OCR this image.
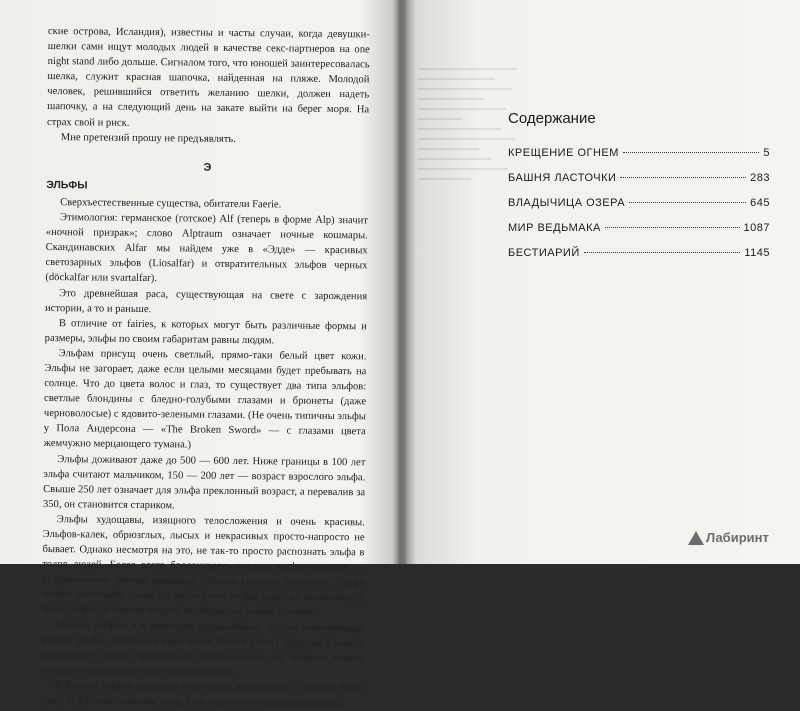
ские острова, Исландия), известны и часты случаи, когда девушки-шелки сами ищут молодых людей в качестве секс-партнеров на one night stand либо дольше. Сигналом того, что юношей заинтересовалась шелка, служит красная шапочка, найденная на пляже. Молодой человек, решившийся ответить желанию шелки, должен надеть шапочку, а на следующий день на закате выйти на берег моря. На страх свой и риск.

Мне претензий прошу не предъявлять.

Э
ЭЛЬФЫ

Сверхъестественные существа, обитатели Faerie.

Этимология: германское (готское) Alf (теперь в форме Alp) значит «ночной призрак»; слово Alptraum означает ночные кошмары. Скандинавских Alfar мы найдем уже в «Эдде» — красивых светозарных эльфов (Liosalfar) и отвратительных эльфов черных (döckalfar или svartalfar).

Это древнейшая раса, существующая на свете с зарождения истории, а то и раньше.

В отличие от fairies, к которых могут быть различные формы и размеры, эльфы по своим габаритам равны людям.

Эльфам присущ очень светлый, прямо-таки белый цвет кожи. Эльфы не загорает, даже если целыми месяцами будет пребывать на солнце. Что до цвета волос и глаз, то существует два типа эльфов: светлые блондины с бледно-голубыми глазами и брюнеты (даже черноволосые) с ядовито-зелеными глазами. (Не очень типичны эльфы у Пола Андерсона — «The Broken Sword» — с глазами цвета жемчужно мерцающего тумана.)

Эльфы доживают даже до 500 — 600 лет. Ниже границы в 100 лет эльфа считают мальчиком, 150 — 200 лет — возраст взрослого эльфа. Свыше 250 лет означает для эльфа преклонный возраст, а перевалив за 350, он становится стариком.

Эльфы худощавы, изящного телосложения и очень красивы. Эльфов-калек, обрюзглых, лысых и некрасивых просто-напросто не бывает. Однако несмотря на это, не так-то просто распознать эльфа в толпе людей. Более всего бросающееся в глаза эльфье отличие — остроконечные ушные раковины, обычно скрытые волосами. Эльфа можно распознать также по зубам (хоть эльфы редко их показывают). Ведь эльфы, не будучи плодом эволюции, не имеют клыков.

Милые, добрые и в принципе дружелюбные, охотно оказывающие услуги эльфы, собраны в круг Seelie (Seelie Court). Круг же Unseelie объединяет эльфов, решительно непризненных, от которых можно ожидать только пакостей и неприятностей.

В Валлии эльфов называют tylwyth teg, в Ирландии — Daoine Sidhe (ши). В фэнтези названия эльф, fairy и ши часто взаимозаменяемы.

Содержание
КРЕЩЕНИЕ ОГНЕМ	5
БАШНЯ ЛАСТОЧКИ	283
ВЛАДЫЧИЦА ОЗЕРА	645
МИР ВЕДЬМАКА	1087
БЕСТИАРИЙ	1145
Лабиринт
